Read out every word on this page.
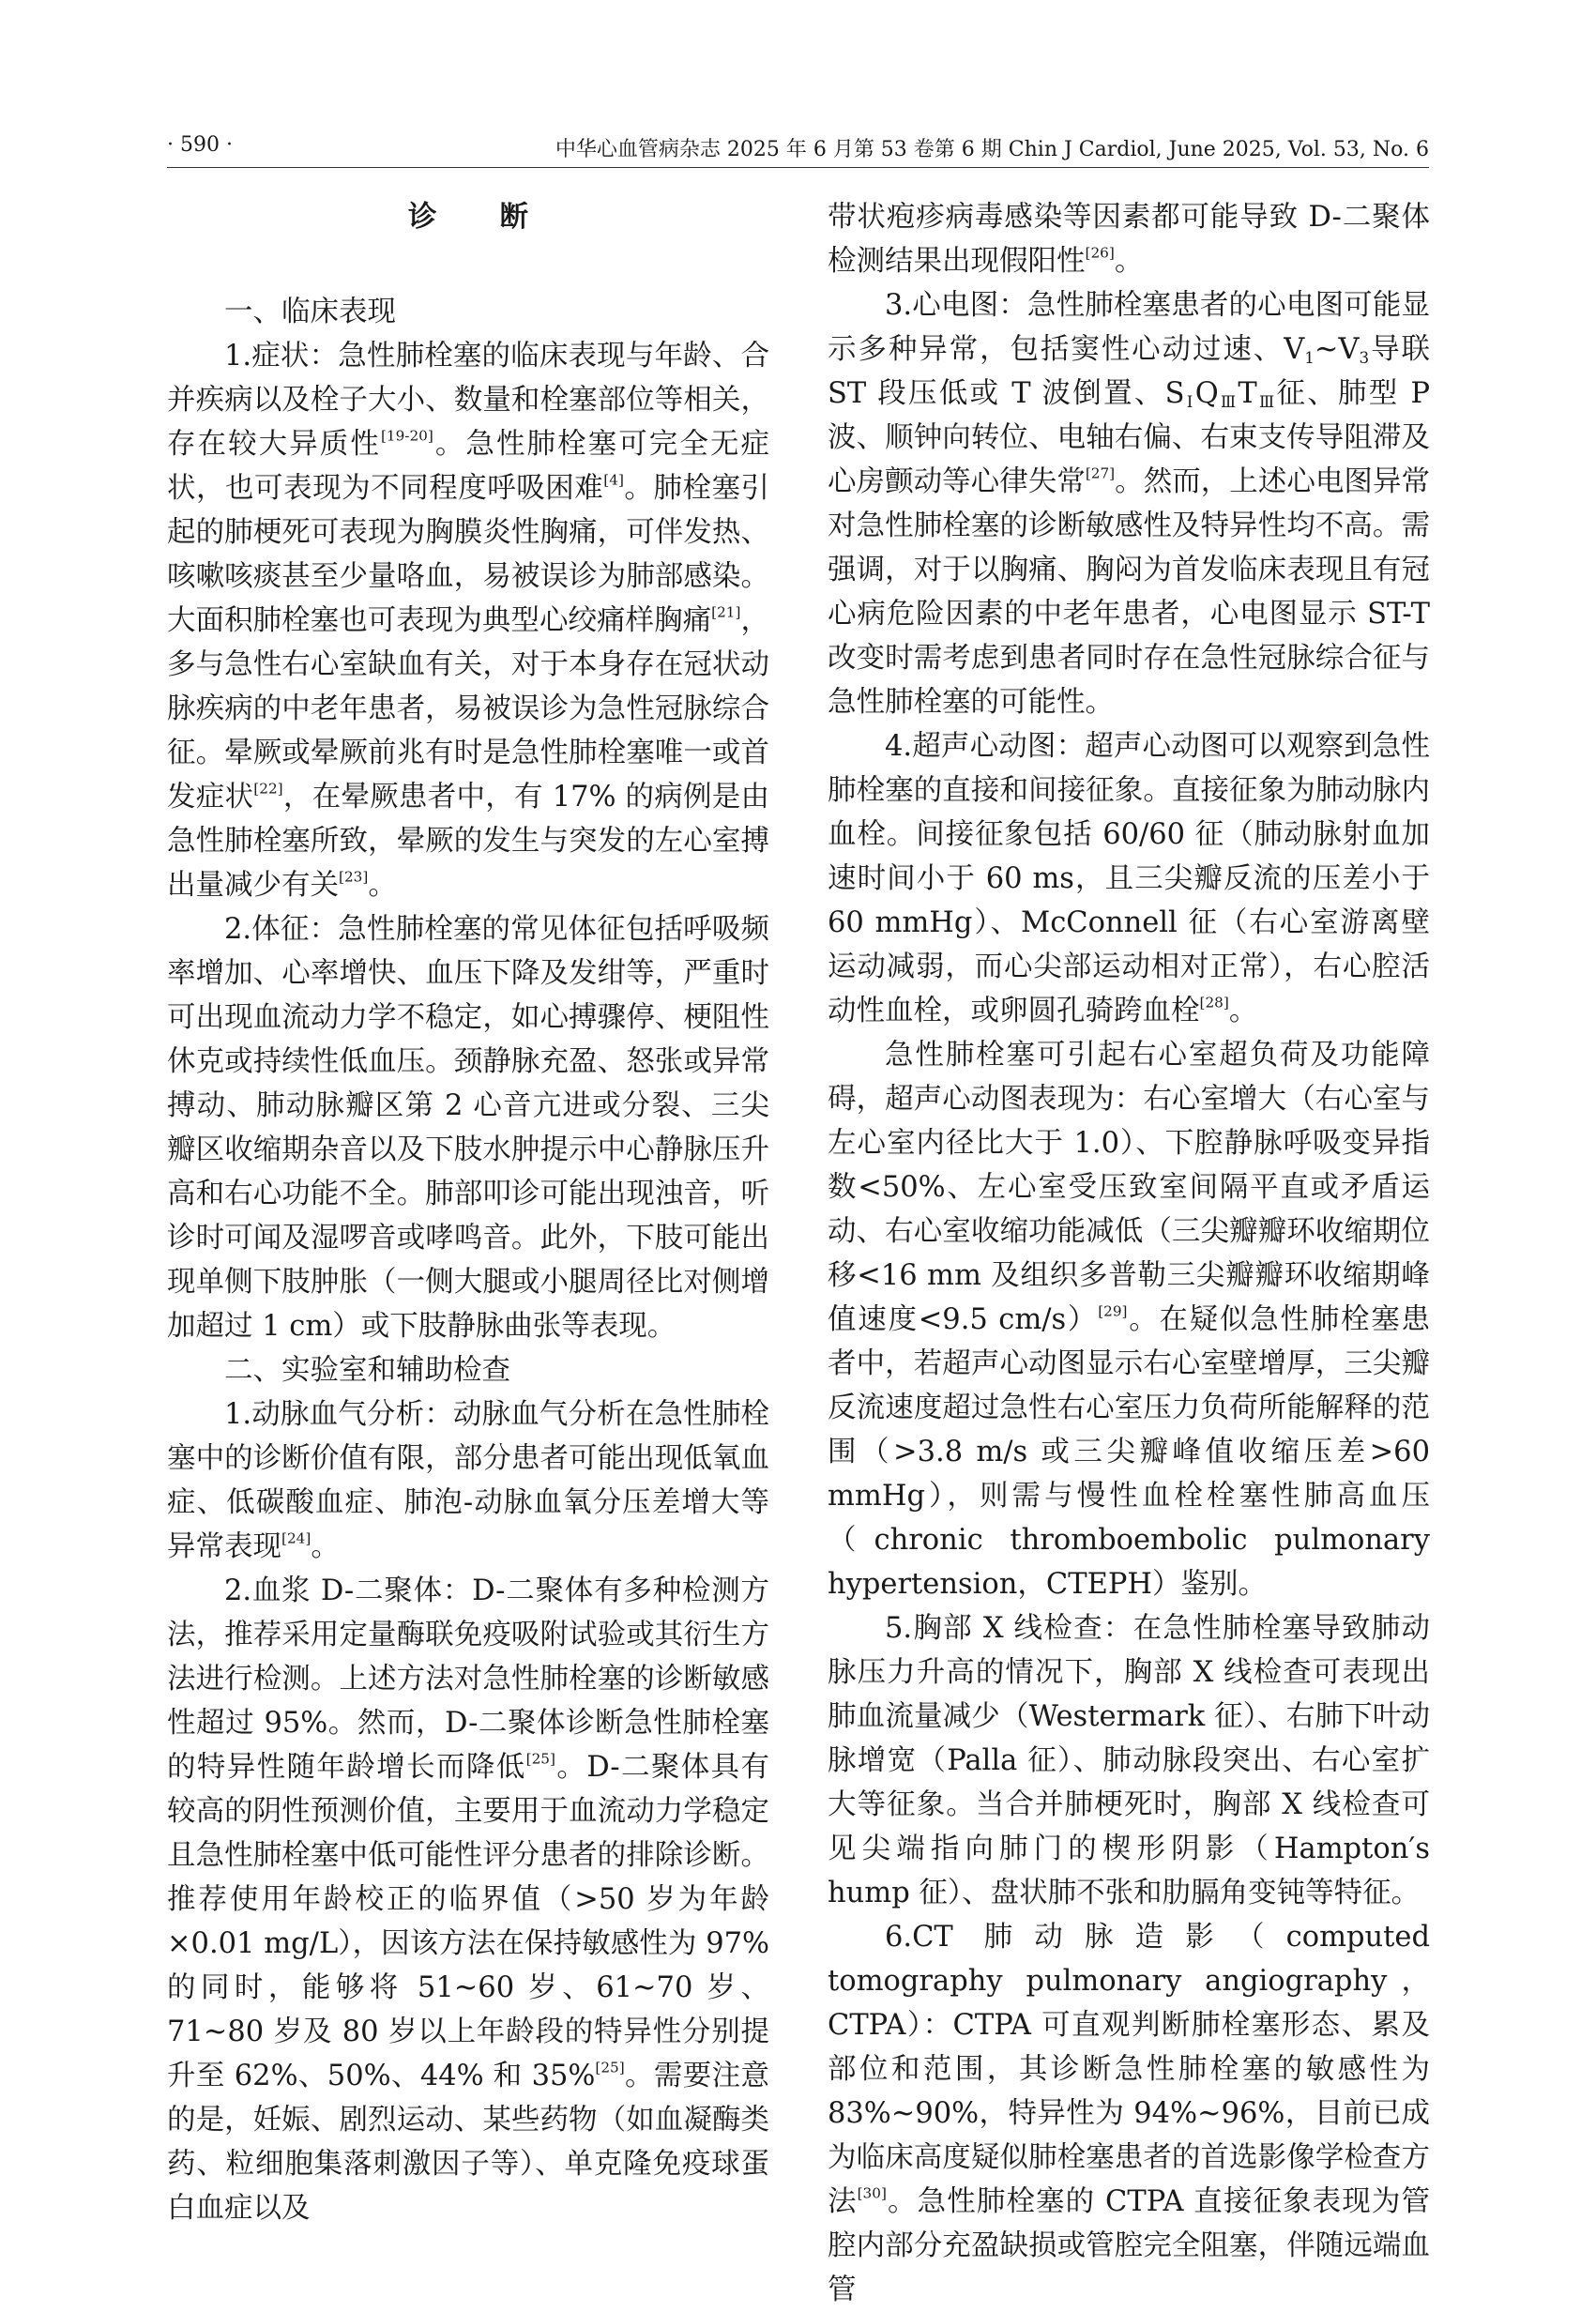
· 590 ·	中华心血管病杂志 2025 年 6 月第 53 卷第 6 期 Chin J Cardiol, June 2025, Vol. 53, No. 6
诊断

一、临床表现

1.症状：急性肺栓塞的临床表现与年龄、合并疾病以及栓子大小、数量和栓塞部位等相关，存在较大异质性[19-20]。急性肺栓塞可完全无症状，也可表现为不同程度呼吸困难[4]。肺栓塞引起的肺梗死可表现为胸膜炎性胸痛，可伴发热、咳嗽咳痰甚至少量咯血，易被误诊为肺部感染。大面积肺栓塞也可表现为典型心绞痛样胸痛[21]，多与急性右心室缺血有关，对于本身存在冠状动脉疾病的中老年患者，易被误诊为急性冠脉综合征。晕厥或晕厥前兆有时是急性肺栓塞唯一或首发症状[22]，在晕厥患者中，有 17% 的病例是由急性肺栓塞所致，晕厥的发生与突发的左心室搏出量减少有关[23]。

2.体征：急性肺栓塞的常见体征包括呼吸频率增加、心率增快、血压下降及发绀等，严重时可出现血流动力学不稳定，如心搏骤停、梗阻性休克或持续性低血压。颈静脉充盈、怒张或异常搏动、肺动脉瓣区第 2 心音亢进或分裂、三尖瓣区收缩期杂音以及下肢水肿提示中心静脉压升高和右心功能不全。肺部叩诊可能出现浊音，听诊时可闻及湿啰音或哮鸣音。此外，下肢可能出现单侧下肢肿胀（一侧大腿或小腿周径比对侧增加超过 1 cm）或下肢静脉曲张等表现。

二、实验室和辅助检查

1.动脉血气分析：动脉血气分析在急性肺栓塞中的诊断价值有限，部分患者可能出现低氧血症、低碳酸血症、肺泡-动脉血氧分压差增大等异常表现[24]。

2.血浆 D-二聚体：D-二聚体有多种检测方法，推荐采用定量酶联免疫吸附试验或其衍生方法进行检测。上述方法对急性肺栓塞的诊断敏感性超过 95%。然而，D-二聚体诊断急性肺栓塞的特异性随年龄增长而降低[25]。D-二聚体具有较高的阴性预测价值，主要用于血流动力学稳定且急性肺栓塞中低可能性评分患者的排除诊断。推荐使用年龄校正的临界值（>50 岁为年龄×0.01 mg/L），因该方法在保持敏感性为 97% 的同时，能够将 51~60 岁、61~70 岁、71~80 岁及 80 岁以上年龄段的特异性分别提升至 62%、50%、44% 和 35%[25]。需要注意的是，妊娠、剧烈运动、某些药物（如血凝酶类药、粒细胞集落刺激因子等）、单克隆免疫球蛋白血症以及

带状疱疹病毒感染等因素都可能导致 D-二聚体检测结果出现假阳性[26]。

3.心电图：急性肺栓塞患者的心电图可能显示多种异常，包括窦性心动过速、$V_1\sim V_3$导联 ST 段压低或 T 波倒置、$S_ⅠQ_ⅢT_Ⅲ$征、肺型 P 波、顺钟向转位、电轴右偏、右束支传导阻滞及心房颤动等心律失常[27]。然而，上述心电图异常对急性肺栓塞的诊断敏感性及特异性均不高。需强调，对于以胸痛、胸闷为首发临床表现且有冠心病危险因素的中老年患者，心电图显示 ST-T 改变时需考虑到患者同时存在急性冠脉综合征与急性肺栓塞的可能性。

4.超声心动图：超声心动图可以观察到急性肺栓塞的直接和间接征象。直接征象为肺动脉内血栓。间接征象包括 60/60 征（肺动脉射血加速时间小于 60 ms，且三尖瓣反流的压差小于 60 mmHg）、McConnell 征（右心室游离壁运动减弱，而心尖部运动相对正常），右心腔活动性血栓，或卵圆孔骑跨血栓[28]。

急性肺栓塞可引起右心室超负荷及功能障碍，超声心动图表现为：右心室增大（右心室与左心室内径比大于 1.0）、下腔静脉呼吸变异指数<50%、左心室受压致室间隔平直或矛盾运动、右心室收缩功能减低（三尖瓣瓣环收缩期位移<16 mm 及组织多普勒三尖瓣瓣环收缩期峰值速度<9.5 cm/s）[29]。在疑似急性肺栓塞患者中，若超声心动图显示右心室壁增厚，三尖瓣反流速度超过急性右心室压力负荷所能解释的范围（>3.8 m/s 或三尖瓣峰值收缩压差>60 mmHg），则需与慢性血栓栓塞性肺高血压（chronic thromboembolic pulmonary hypertension，CTEPH）鉴别。

5.胸部 X 线检查：在急性肺栓塞导致肺动脉压力升高的情况下，胸部 X 线检查可表现出肺血流量减少（Westermark 征）、右肺下叶动脉增宽（Palla 征）、肺动脉段突出、右心室扩大等征象。当合并肺梗死时，胸部 X 线检查可见尖端指向肺门的楔形阴影（Hampton′s hump 征）、盘状肺不张和肋膈角变钝等特征。

6.CT 肺动脉造影（computed tomography pulmonary angiography，CTPA）：CTPA 可直观判断肺栓塞形态、累及部位和范围，其诊断急性肺栓塞的敏感性为 83%~90%，特异性为 94%~96%，目前已成为临床高度疑似肺栓塞患者的首选影像学检查方法[30]。急性肺栓塞的 CTPA 直接征象表现为管腔内部分充盈缺损或管腔完全阻塞，伴随远端血管
